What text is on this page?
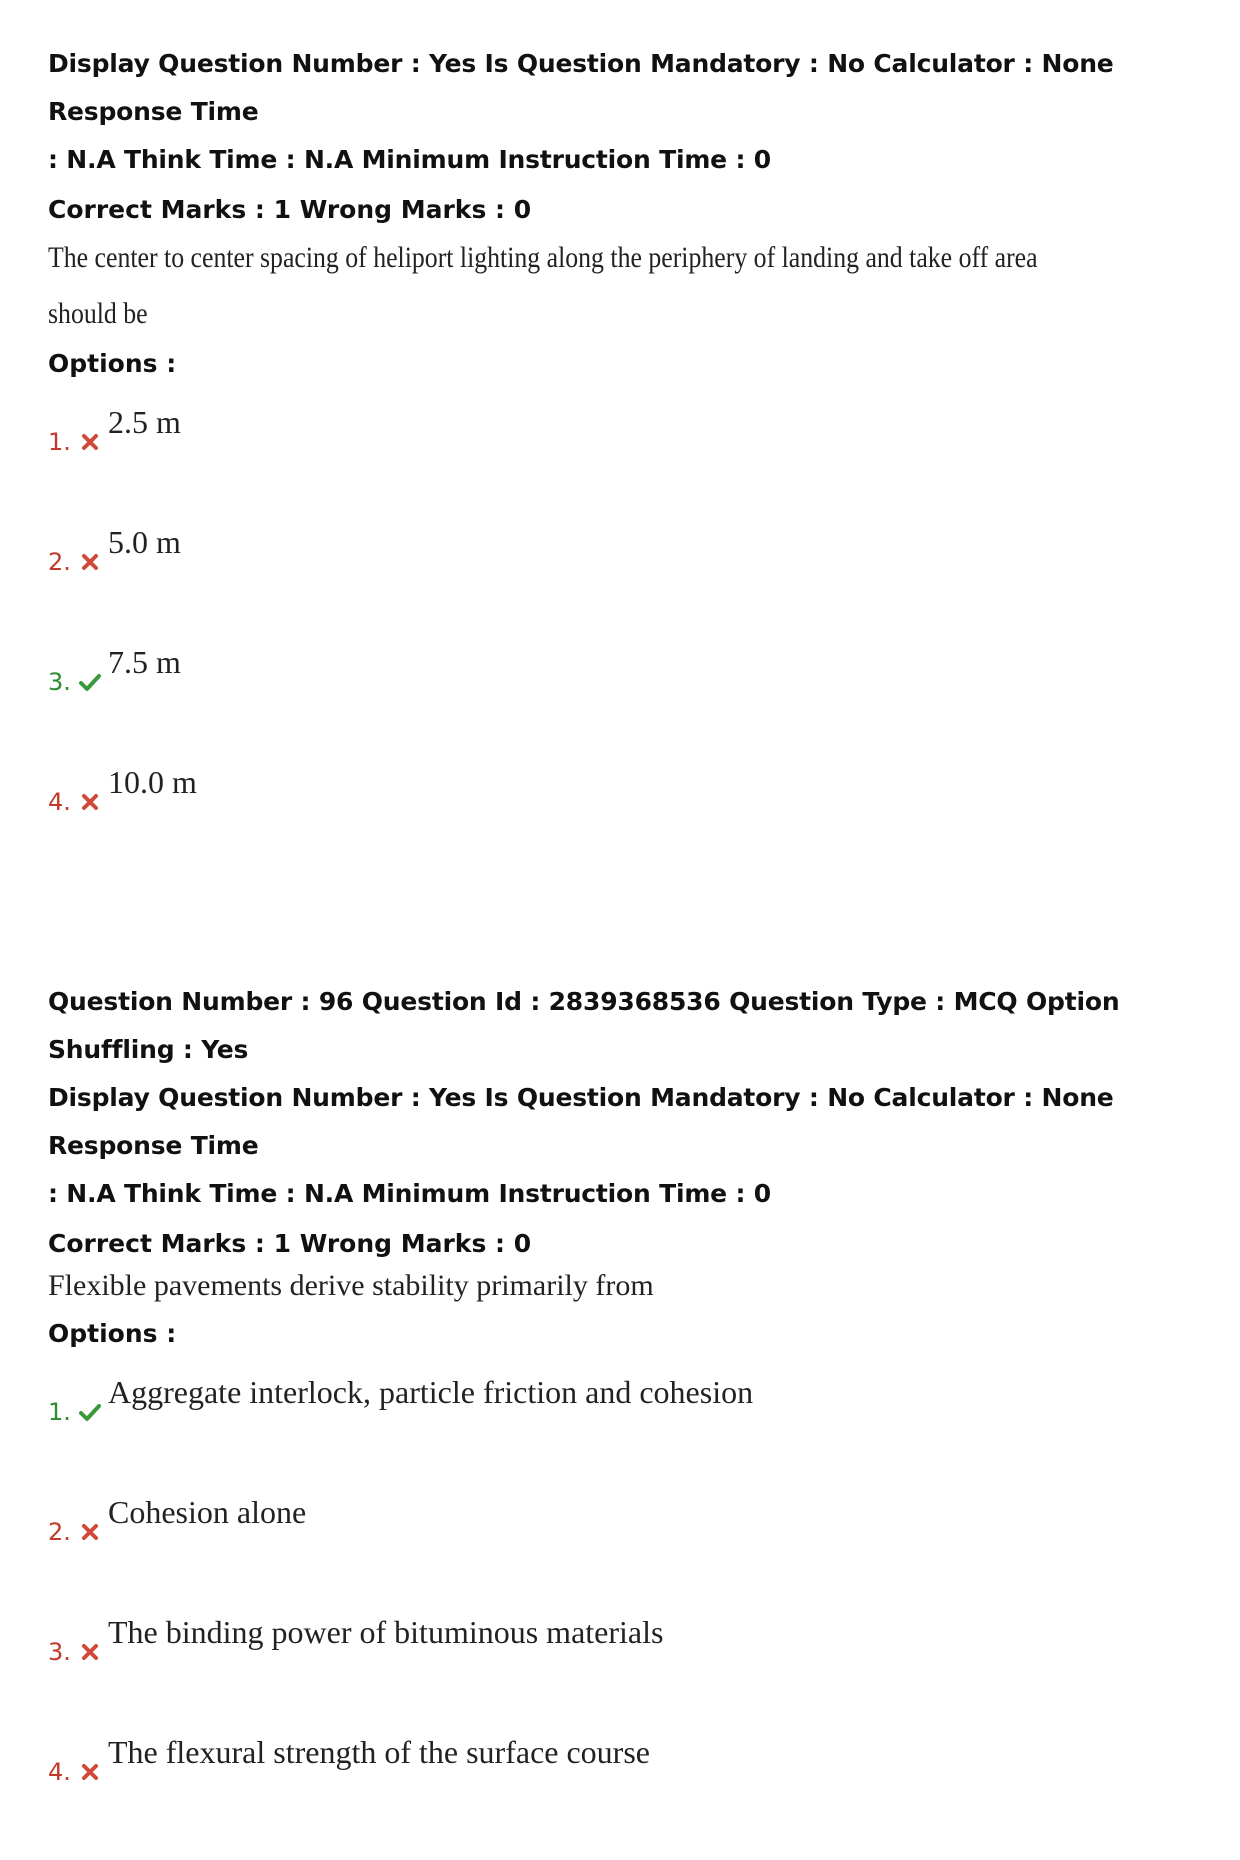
Display Question Number : Yes Is Question Mandatory : No Calculator : None Response Time

: N.A Think Time : N.A Minimum Instruction Time : 0

Correct Marks : 1 Wrong Marks : 0

The center to center spacing of heliport lighting along the periphery of landing and take off area

should be

Options :

1.
2.5 m
2.
5.0 m
3.
7.5 m
4.
10.0 m

Question Number : 96 Question Id : 2839368536 Question Type : MCQ Option Shuffling : Yes

Display Question Number : Yes Is Question Mandatory : No Calculator : None Response Time

: N.A Think Time : N.A Minimum Instruction Time : 0

Correct Marks : 1 Wrong Marks : 0

Flexible pavements derive stability primarily from

Options :

1.
Aggregate interlock, particle friction and cohesion
2.
Cohesion alone
3.
The binding power of bituminous materials
4.
The flexural strength of the surface course
